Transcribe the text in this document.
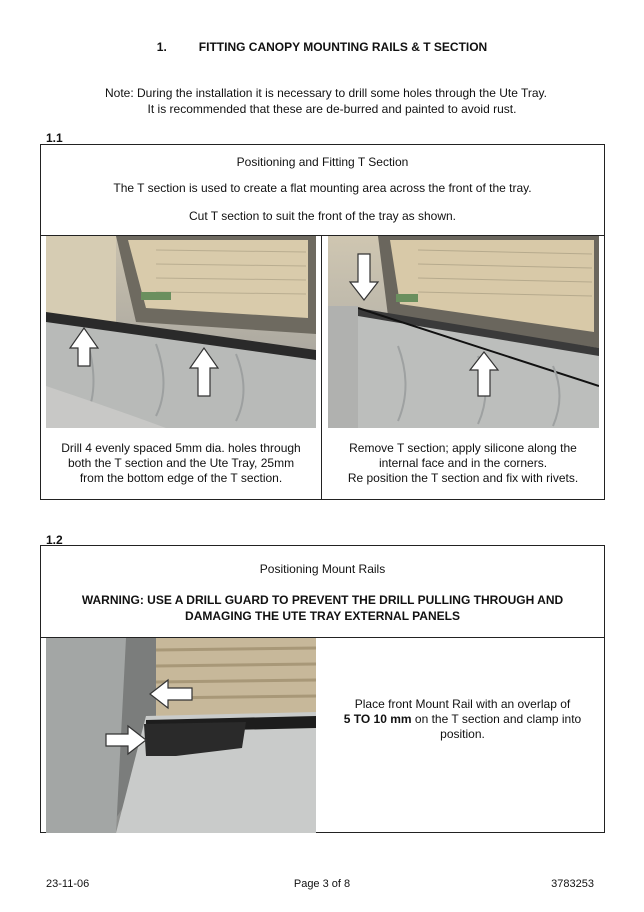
1.	FITTING CANOPY MOUNTING RAILS & T SECTION
Note: During the installation it is necessary to drill some holes through the Ute Tray.
It is recommended that these are de-burred and painted to avoid rust.
1.1
Positioning and Fitting T Section
The T section is used to create a flat mounting area across the front of the tray.
Cut T section to suit the front of the tray as shown.
Drill 4 evenly spaced 5mm dia. holes through
both the T section and the Ute Tray, 25mm
from the bottom edge of the T section.
Remove T section; apply silicone along the
internal face and in the corners.
Re position the T section and fix with rivets.
1.2
Positioning Mount Rails
WARNING: USE A DRILL GUARD TO PREVENT THE DRILL PULLING THROUGH AND
DAMAGING THE UTE TRAY EXTERNAL PANELS
Place front Mount Rail with an overlap of
5 TO 10 mm on the T section and clamp into
position.
23-11-06	Page 3 of 8	3783253
